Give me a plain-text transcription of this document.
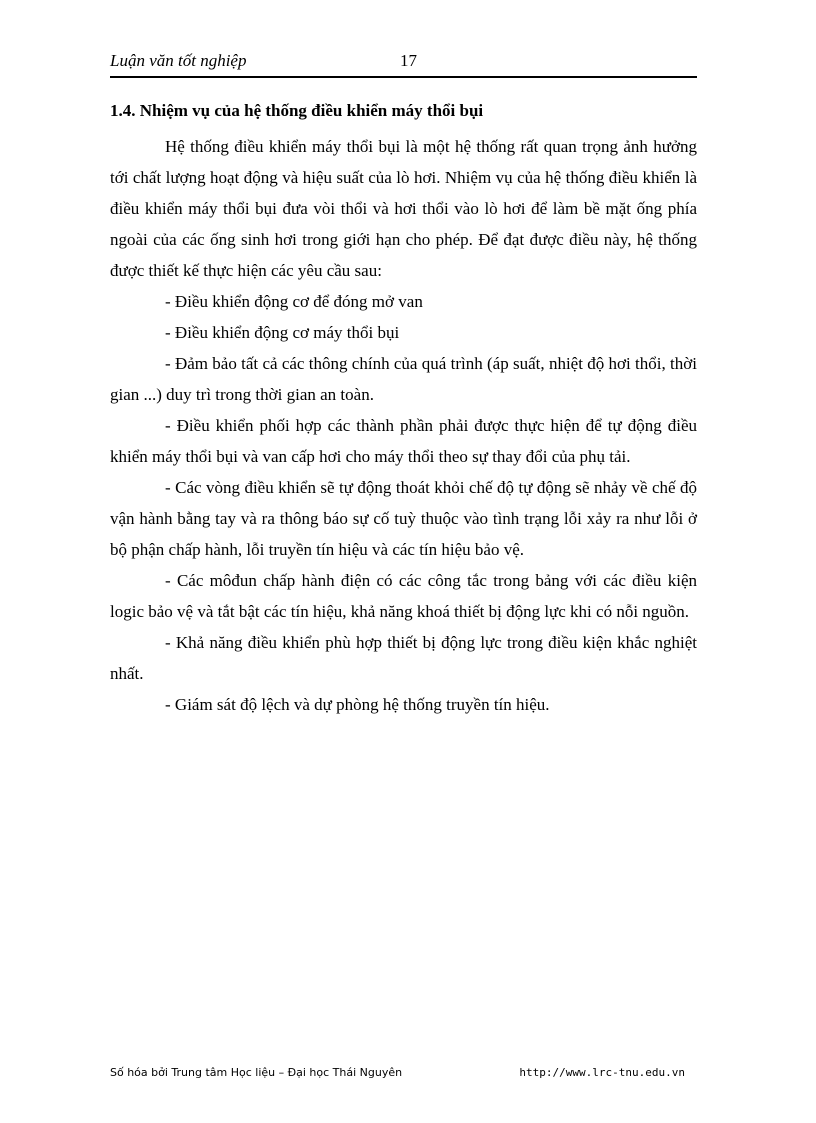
Luận văn tốt nghiệp	17
1.4. Nhiệm vụ của hệ thống điều khiển máy thổi bụi

Hệ thống điều khiển máy thổi bụi là một hệ thống rất quan trọng ảnh hưởng tới chất lượng hoạt động và hiệu suất của lò hơi. Nhiệm vụ của hệ thống điều khiển là điều khiển máy thổi bụi đưa vòi thổi và hơi thổi vào lò hơi để làm bề mặt ống phía ngoài của các ống sinh hơi trong giới hạn cho phép. Để đạt được điều này, hệ thống được thiết kế thực hiện các yêu cầu sau:

- Điều khiển động cơ để đóng mở van

- Điều khiển động cơ máy thổi bụi

- Đảm bảo tất cả các thông chính của quá trình (áp suất, nhiệt độ hơi thổi, thời gian ...) duy trì trong thời gian an toàn.

- Điều khiển phối hợp các thành phần phải được thực hiện để tự động điều khiển máy thổi bụi và van cấp hơi cho máy thổi theo sự thay đổi của phụ tải.

- Các vòng điều khiển sẽ tự động thoát khỏi chế độ tự động sẽ nhảy về chế độ vận hành bằng tay và ra thông báo sự cố tuỳ thuộc vào tình trạng lỗi xảy ra như lỗi ở bộ phận chấp hành, lỗi truyền tín hiệu và các tín hiệu bảo vệ.

- Các môđun chấp hành điện có các công tắc trong bảng với các điều kiện logic bảo vệ và tắt bật các tín hiệu, khả năng khoá thiết bị động lực khi có nỗi nguồn.

- Khả năng điều khiển phù hợp thiết bị động lực trong điều kiện khắc nghiệt nhất.

- Giám sát độ lệch và dự phòng hệ thống truyền tín hiệu.

Số hóa bởi Trung tâm Học liệu – Đại học Thái Nguyên	http://www.lrc-tnu.edu.vn
